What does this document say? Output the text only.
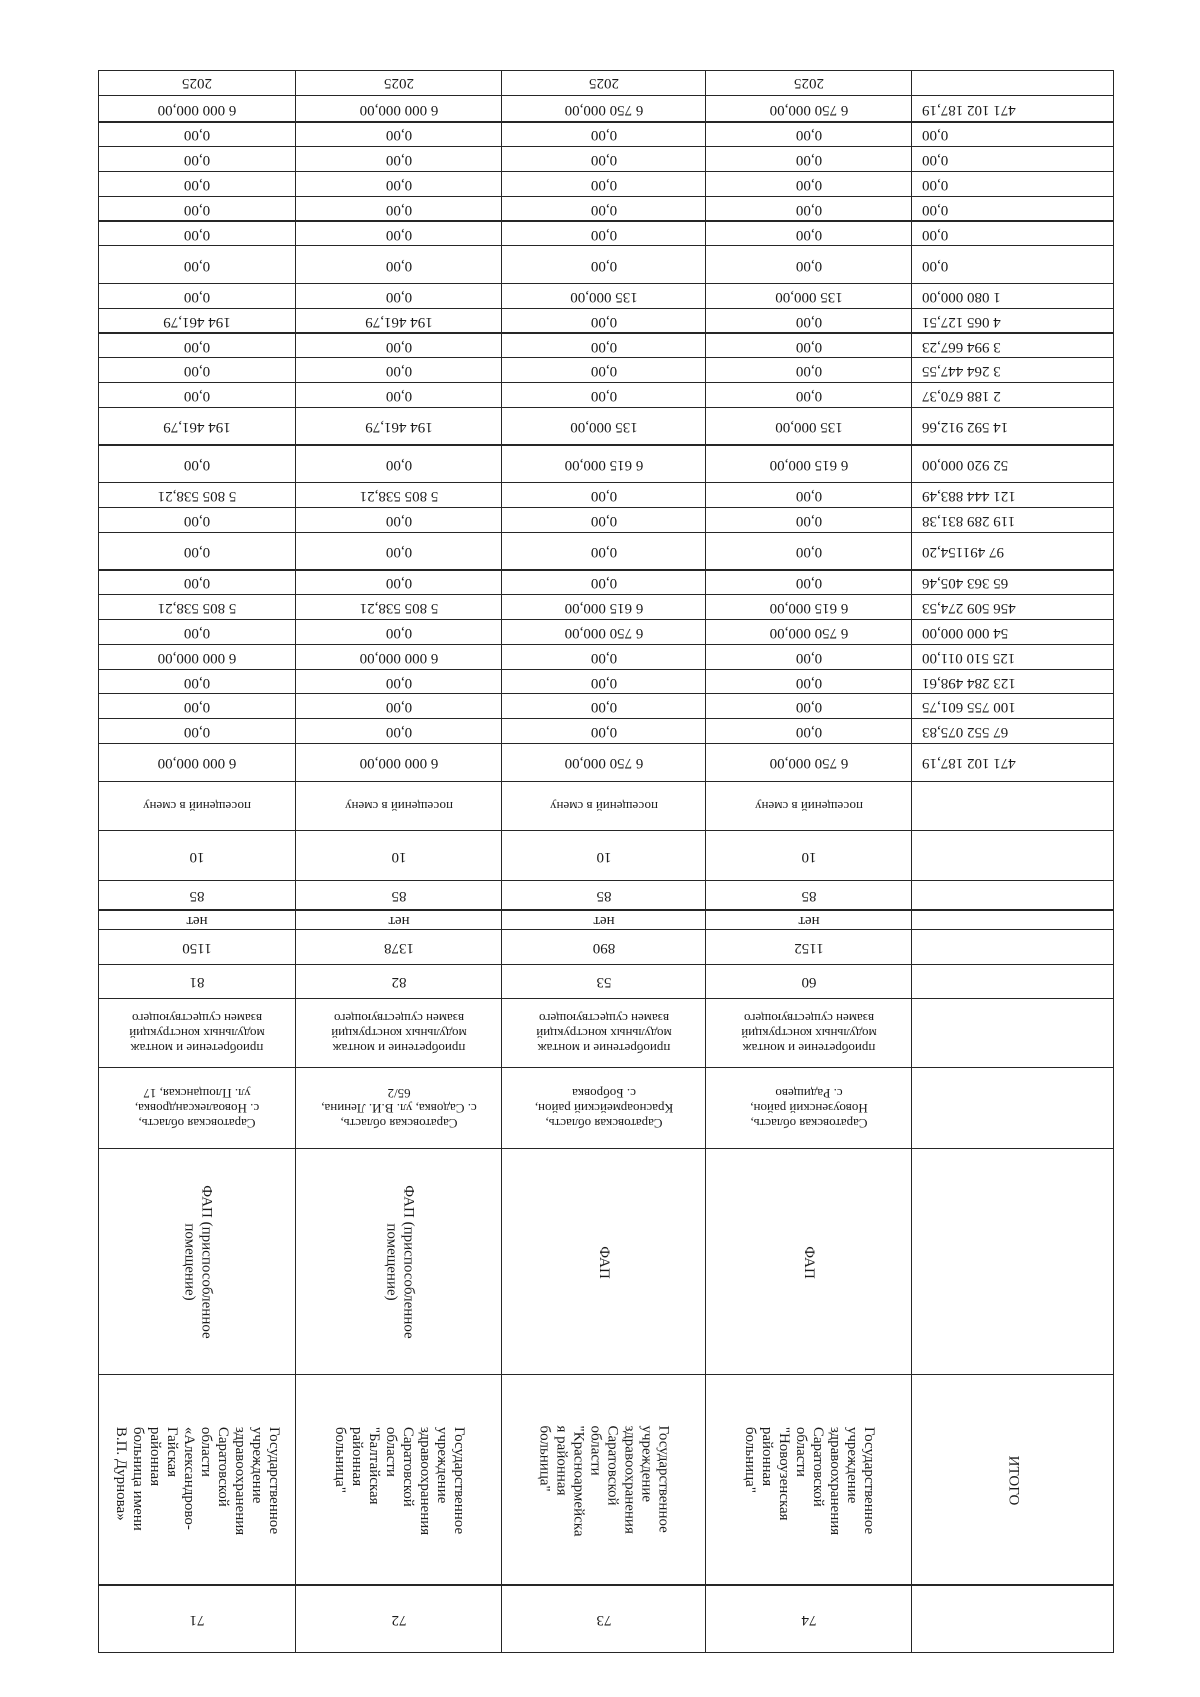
74
73
72
71
ИТОГО
Государственное
учреждение
здравоохранения
Саратовской
области
"Новоузенская
районная
больница"
Государственное
учреждение
здравоохранения
Саратовской
области
"Красноармейска
я районная
больница"
Государственное
учреждение
здравоохранения
Саратовской
области
"Балтайская
районная
больница"
Государственное
учреждение
здравоохранения
Саратовской
области
«Александрово-
Гайская
районная
больница имени
В.П. Дурнова»
ФАП
ФАП
ФАП (приспособленное
помещение)
ФАП (приспособленное
помещение)
Саратовская область,
Новоузенский район,
с. Радищево
Саратовская область,
Красноармейский район,
с. Бобровка
Саратовская область,
с. Садовка, ул. В.И. Ленина,
65/2
Саратовская область,
с. Новоалександровка,
ул. Площанская, 17
приобретение и монтаж
модульных конструкций
взамен существующего
приобретение и монтаж
модульных конструкций
взамен существующего
приобретение и монтаж
модульных конструкций
взамен существующего
приобретение и монтаж
модульных конструкций
взамен существующего
60
53
82
81
1152
890
1378
1150
нет
нет
нет
нет
85
85
85
85
10
10
10
10
посещений в смену
посещений в смену
посещений в смену
посещений в смену
471 102 187,19
6 750 000,00
6 750 000,00
6 000 000,00
6 000 000,00
67 552 075,83
0,00
0,00
0,00
0,00
100 755 601,75
0,00
0,00
0,00
0,00
123 284 498,61
0,00
0,00
0,00
0,00
125 510 011,00
0,00
0,00
6 000 000,00
6 000 000,00
54 000 000,00
6 750 000,00
6 750 000,00
0,00
0,00
456 509 274,53
6 615 000,00
6 615 000,00
5 805 538,21
5 805 538,21
65 363 405,46
0,00
0,00
0,00
0,00
97 491154,20
0,00
0,00
0,00
0,00
119 289 831,38
0,00
0,00
0,00
0,00
121 444 883,49
0,00
0,00
5 805 538,21
5 805 538,21
52 920 000,00
6 615 000,00
6 615 000,00
0,00
0,00
14 592 912,66
135 000,00
135 000,00
194 461,79
194 461,79
2 188 670,37
0,00
0,00
0,00
0,00
3 264 447,55
0,00
0,00
0,00
0,00
3 994 667,23
0,00
0,00
0,00
0,00
4 065 127,51
0,00
0,00
194 461,79
194 461,79
1 080 000,00
135 000,00
135 000,00
0,00
0,00
0,00
0,00
0,00
0,00
0,00
0,00
0,00
0,00
0,00
0,00
0,00
0,00
0,00
0,00
0,00
0,00
0,00
0,00
0,00
0,00
0,00
0,00
0,00
0,00
0,00
0,00
0,00
0,00
0,00
0,00
471 102 187,19
6 750 000,00
6 750 000,00
6 000 000,00
6 000 000,00
2025
2025
2025
2025
